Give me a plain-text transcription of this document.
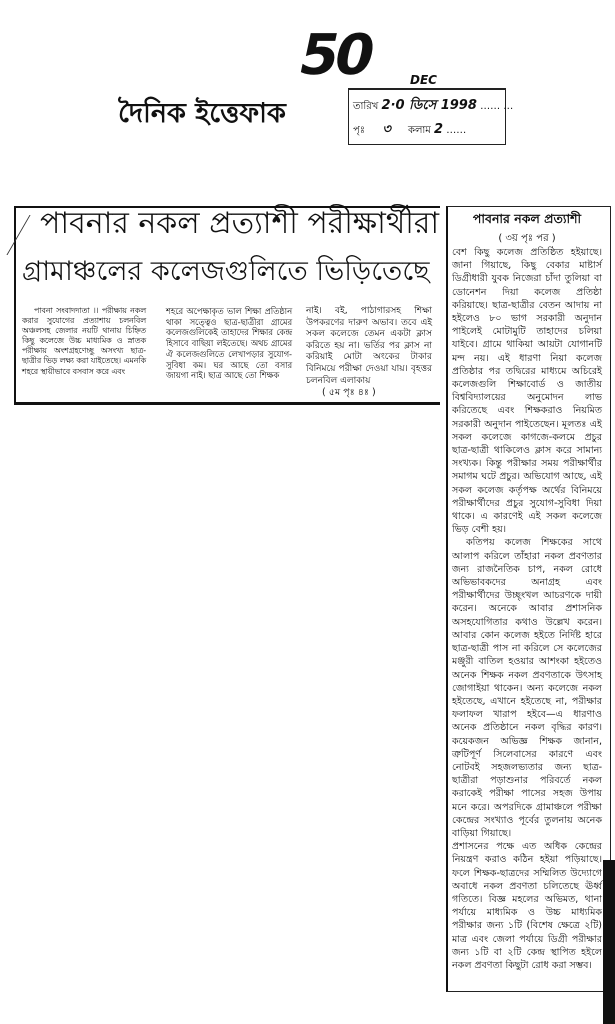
50
দৈনিক ইত্তেফাক
DEC
তারিখ 2·0 ডিসে 1998 …… …
পৃঃ ৩ কলাম 2 ……
পাবনার নকল প্রত্যাশী পরীক্ষার্থীরা
গ্রামাঞ্চলের কলেজগুলিতে ভিড়িতেছে

পাবনা সংবাদদাতা ।। পরীক্ষায় নকল করার সুযোগের প্রত্যাশায় চলনবিল অঞ্চলসহ জেলার নয়টি থানায় চিহ্নিত কিছু কলেজে উচ্চ মাধ্যমিক ও স্নাতক পরীক্ষায় অংশগ্রহণেচ্ছু অসংখ্য ছাত্র-ছাত্রীর ভিড় লক্ষ্য করা যাইতেছে। এমনকি শহরে স্থায়ীভাবে বসবাস করে এবং

শহরে অপেক্ষাকৃত ভাল শিক্ষা প্রতিষ্ঠান থাকা সত্ত্বেও ছাত্র-ছাত্রীরা গ্রামের কলেজগুলিকেই তাহাদের শিক্ষার কেন্দ্র হিসাবে বাছিয়া লইতেছে। অথচ গ্রামের ঐ কলেজগুলিতে লেখাপড়ার সুযোগ-সুবিধা কম। ঘর আছে তো বসার জায়গা নাই। ছাত্র আছে তো শিক্ষক

নাই। বই, পাঠাগারসহ শিক্ষা উপকরণের দারুণ অভাব। তবে এই সকল কলেজে তেমন একটা ক্লাস করিতে হয় না। ভর্তির পর ক্লাস না করিয়াই মোটা অংকের টাকার বিনিময়ে পরীক্ষা দেওয়া যায়। বৃহত্তর চলনবিল এলাকায়

( ৫ম পৃঃ ৪ঃ )
পাবনার নকল প্রত্যাশী
( ৩য় পৃঃ পর )

বেশ কিছু কলেজ প্রতিষ্ঠিত হইয়াছে। জানা গিয়াছে, কিছু বেকার মাষ্টার্স ডিগ্রীধারী যুবক নিজেরা চাঁদা তুলিয়া বা ডোনেশন দিয়া কলেজ প্রতিষ্ঠা করিয়াছে। ছাত্র-ছাত্রীর বেতন আদায় না হইলেও ৮০ ভাগ সরকারী অনুদান পাইলেই মোটামুটি তাহাদের চলিয়া যাইবে। গ্রামে থাকিয়া আয়টা যোগানটি মন্দ নয়। এই ধারণা নিয়া কলেজ প্রতিষ্ঠার পর তদ্বিরের মাধ্যমে অচিরেই কলেজগুলি শিক্ষাবোর্ড ও জাতীয় বিশ্ববিদ্যালয়ের অনুমোদন লাভ করিতেছে এবং শিক্ষকরাও নিয়মিত সরকারী অনুদান পাইতেছেন। মূলতঃ এই সকল কলেজে কাগজে-কলমে প্রচুর ছাত্র-ছাত্রী থাকিলেও ক্লাস করে সামান্য সংখ্যক। কিন্তু পরীক্ষার সময় পরীক্ষার্থীর সমাগম ঘটে প্রচুর। অভিযোগ আছে, এই সকল কলেজ কর্তৃপক্ষ অর্থের বিনিময়ে পরীক্ষার্থীদের প্রচুর সুযোগ-সুবিধা দিয়া থাকে। এ কারণেই এই সকল কলেজে ভিড় বেশী হয়।

কতিপয় কলেজ শিক্ষকের সাথে আলাপ করিলে তাঁহারা নকল প্রবণতার জন্য রাজনৈতিক চাপ, নকল রোধে অভিভাবকদের অনাগ্রহ এবং পরীক্ষার্থীদের উচ্ছৃংখল আচরণকে দায়ী করেন। অনেকে আবার প্রশাসনিক অসহযোগিতার কথাও উল্লেখ করেন। আবার কোন কলেজ হইতে নির্দিষ্ট হারে ছাত্র-ছাত্রী পাস না করিলে সে কলেজের মঞ্জুরী বাতিল হওয়ার আশংকা হইতেও অনেক শিক্ষক নকল প্রবণতাকে উৎসাহ জোগাইয়া থাকেন। অন্য কলেজে নকল হইতেছে, এখানে হইতেছে না, পরীক্ষার ফলাফল খারাপ হইবে—এ ধারণাও অনেক প্রতিষ্ঠানে নকল বৃদ্ধির কারণ। কয়েকজন অভিজ্ঞ শিক্ষক জানান, ত্রুটিপূর্ণ সিলেবাসের কারণে এবং নোটবই সহজলভ্যতার জন্য ছাত্র-ছাত্রীরা পড়াশুনার পরিবর্তে নকল করাকেই পরীক্ষা পাসের সহজ উপায় মনে করে। অপরদিকে গ্রামাঞ্চলে পরীক্ষা কেন্দ্রের সংখ্যাও পূর্বের তুলনায় অনেক বাড়িয়া গিয়াছে।

প্রশাসনের পক্ষে এত অধিক কেন্দ্রের নিয়ন্ত্রণ করাও কঠিন হইয়া পড়িয়াছে। ফলে শিক্ষক-ছাত্রদের সম্মিলিত উদ্যোগে অবাধে নকল প্রবণতা চলিতেছে ঊর্ধ্ব গতিতে। বিজ্ঞ মহলের অভিমত, থানা পর্যায়ে মাধ্যমিক ও উচ্চ মাধ্যমিক পরীক্ষার জন্য ১টি (বিশেষ ক্ষেত্রে ২টি) মাত্র এবং জেলা পর্যায়ে ডিগ্রী পরীক্ষার জন্য ১টি বা ২টি কেন্দ্র স্থাপিত হইলে নকল প্রবণতা কিছুটা রোধ করা সম্ভব।
